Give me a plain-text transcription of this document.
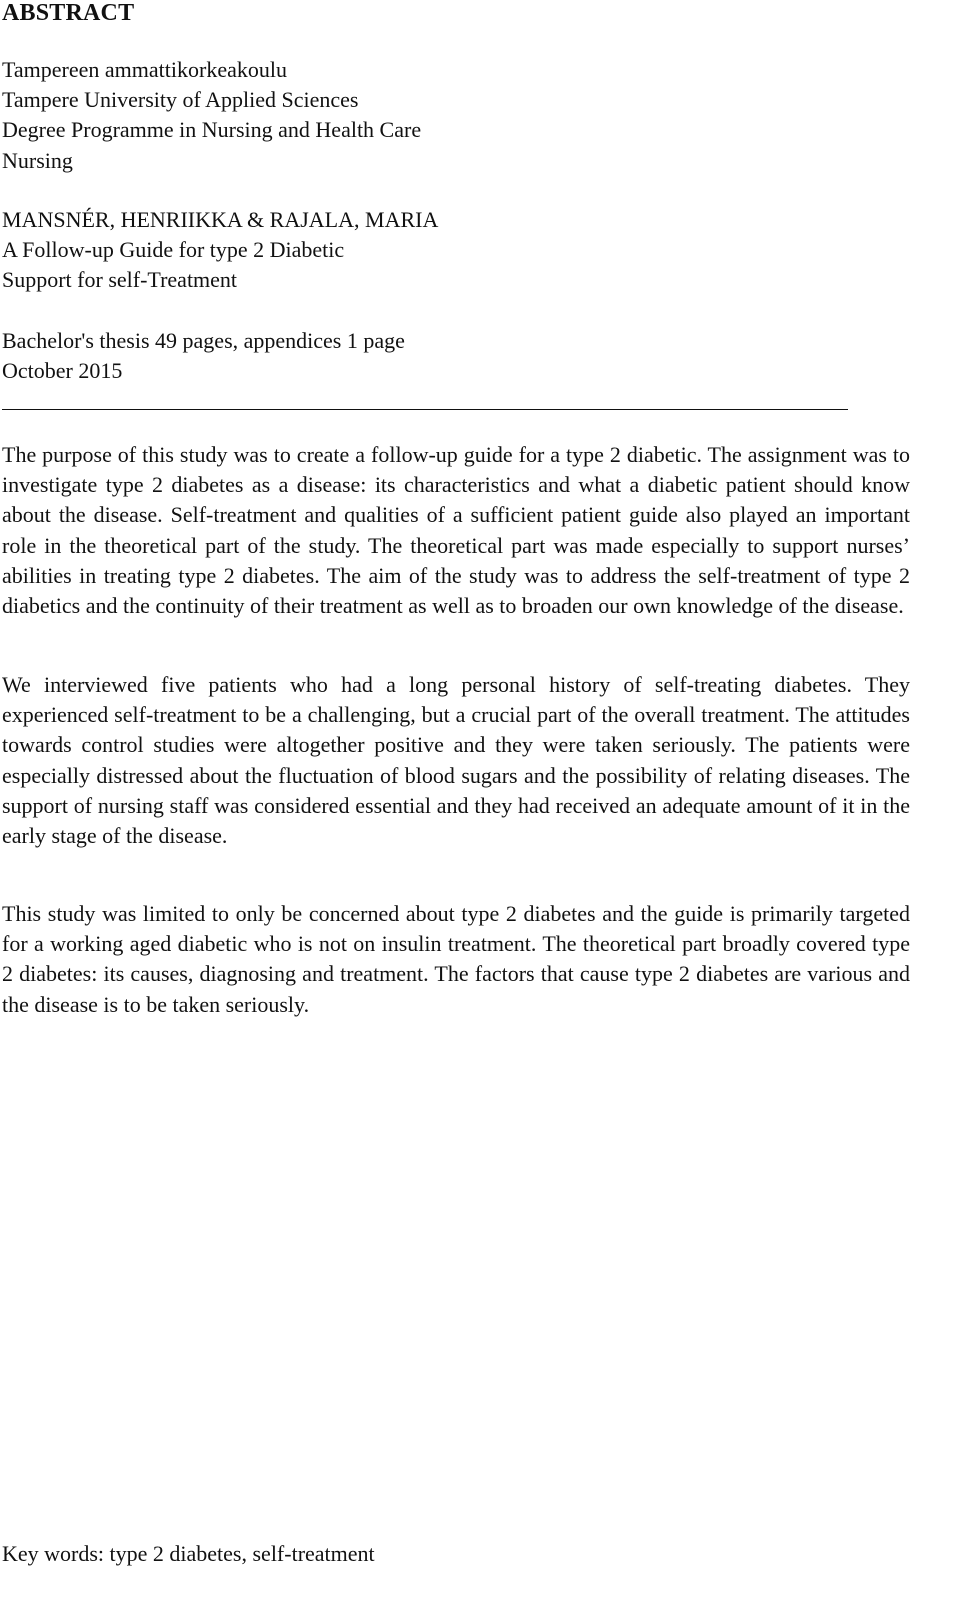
ABSTRACT
Tampereen ammattikorkeakoulu
Tampere University of Applied Sciences
Degree Programme in Nursing and Health Care
Nursing
MANSNÉR, HENRIIKKA & RAJALA, MARIA
A Follow-up Guide for type 2 Diabetic
Support for self-Treatment
Bachelor's thesis 49 pages, appendices 1 page
October 2015

The purpose of this study was to create a follow-up guide for a type 2 diabetic. The assignment was to investigate type 2 diabetes as a disease: its characteristics and what a diabetic patient should know about the disease. Self-treatment and qualities of a sufficient patient guide also played an important role in the theoretical part of the study. The theoretical part was made especially to support nurses’ abilities in treating type 2 diabetes. The aim of the study was to address the self-treatment of type 2 diabetics and the continuity of their treatment as well as to broaden our own knowledge of the disease.

We interviewed five patients who had a long personal history of self-treating diabetes. They experienced self-treatment to be a challenging, but a crucial part of the overall treatment. The attitudes towards control studies were altogether positive and they were taken seriously. The patients were especially distressed about the fluctuation of blood sugars and the possibility of relating diseases. The support of nursing staff was considered essential and they had received an adequate amount of it in the early stage of the disease.

This study was limited to only be concerned about type 2 diabetes and the guide is primarily targeted for a working aged diabetic who is not on insulin treatment. The theoretical part broadly covered type 2 diabetes: its causes, diagnosing and treatment. The factors that cause type 2 diabetes are various and the disease is to be taken seriously.

Key words: type 2 diabetes, self-treatment
